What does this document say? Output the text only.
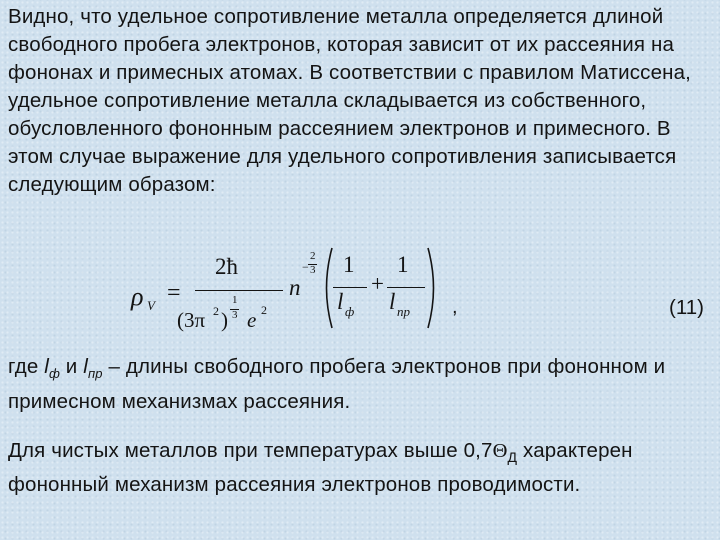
Видно, что удельное сопротивление металла определяется длиной свободного пробега электронов, которая зависит от их рассеяния на фононах и примесных атомах. В соответствии с правилом Матиссена, удельное сопротивление металла складывается из собственного, обусловленного фононным рассеянием электронов и примесного. В этом случае выражение для удельного сопротивления записывается следующим образом:
ρ V =
2ħ
(3π 2 )
1
3 e 2
n
−
2
3 1
l ф
+
1
l пр ,	(11)
где $l_ф$ и $l_{пр}$ – длины свободного пробега электронов при фононном и примесном механизмах рассеяния.
Для чистых металлов при температурах выше $0,7\Theta_Д$ характерен фононный механизм рассеяния электронов проводимости.
